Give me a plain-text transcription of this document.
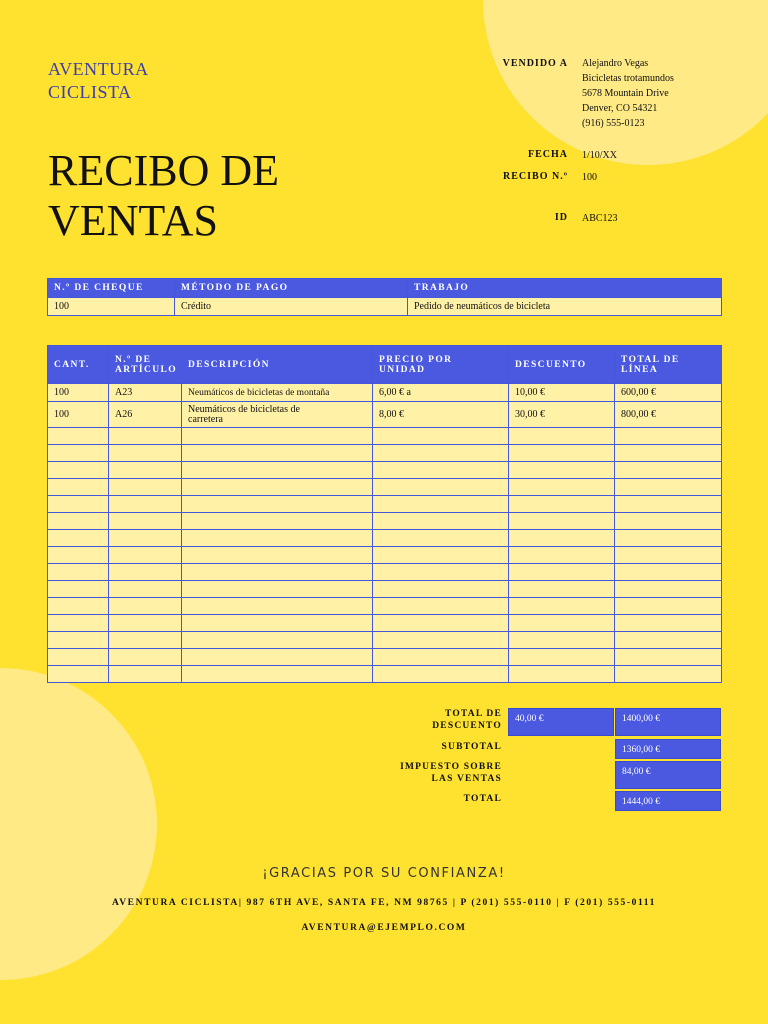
AVENTURA
CICLISTA
RECIBO DE
VENTAS
VENDIDO A Alejandro Vegas
Bicicletas trotamundos
5678 Mountain Drive
Denver, CO 54321
(916) 555-0123
FECHA 1/10/XX
RECIBO N.º 100
ID ABC123
N.º DE CHEQUE	MÉTODO DE PAGO	TRABAJO
100	Crédito	Pedido de neumáticos de bicicleta
CANT.	N.º DE ARTÍCULO	DESCRIPCIÓN	PRECIO POR UNIDAD	DESCUENTO	TOTAL DE LÍNEA
100	A23	Neumáticos de bicicletas de montaña	6,00 € a	10,00 €	600,00 €
100	A26	Neumáticos de bicicletas de carretera	8,00 €	30,00 €	800,00 €

TOTAL DE
DESCUENTO
40,00 €	1400,00 €
SUBTOTAL	1360,00 €
IMPUESTO SOBRE
LAS VENTAS
84,00 €
TOTAL	1444,00 €
¡GRACIAS POR SU CONFIANZA!
AVENTURA CICLISTA| 987 6TH AVE, SANTA FE, NM 98765 | P (201) 555-0110 | F (201) 555-0111
AVENTURA@EJEMPLO.COM
